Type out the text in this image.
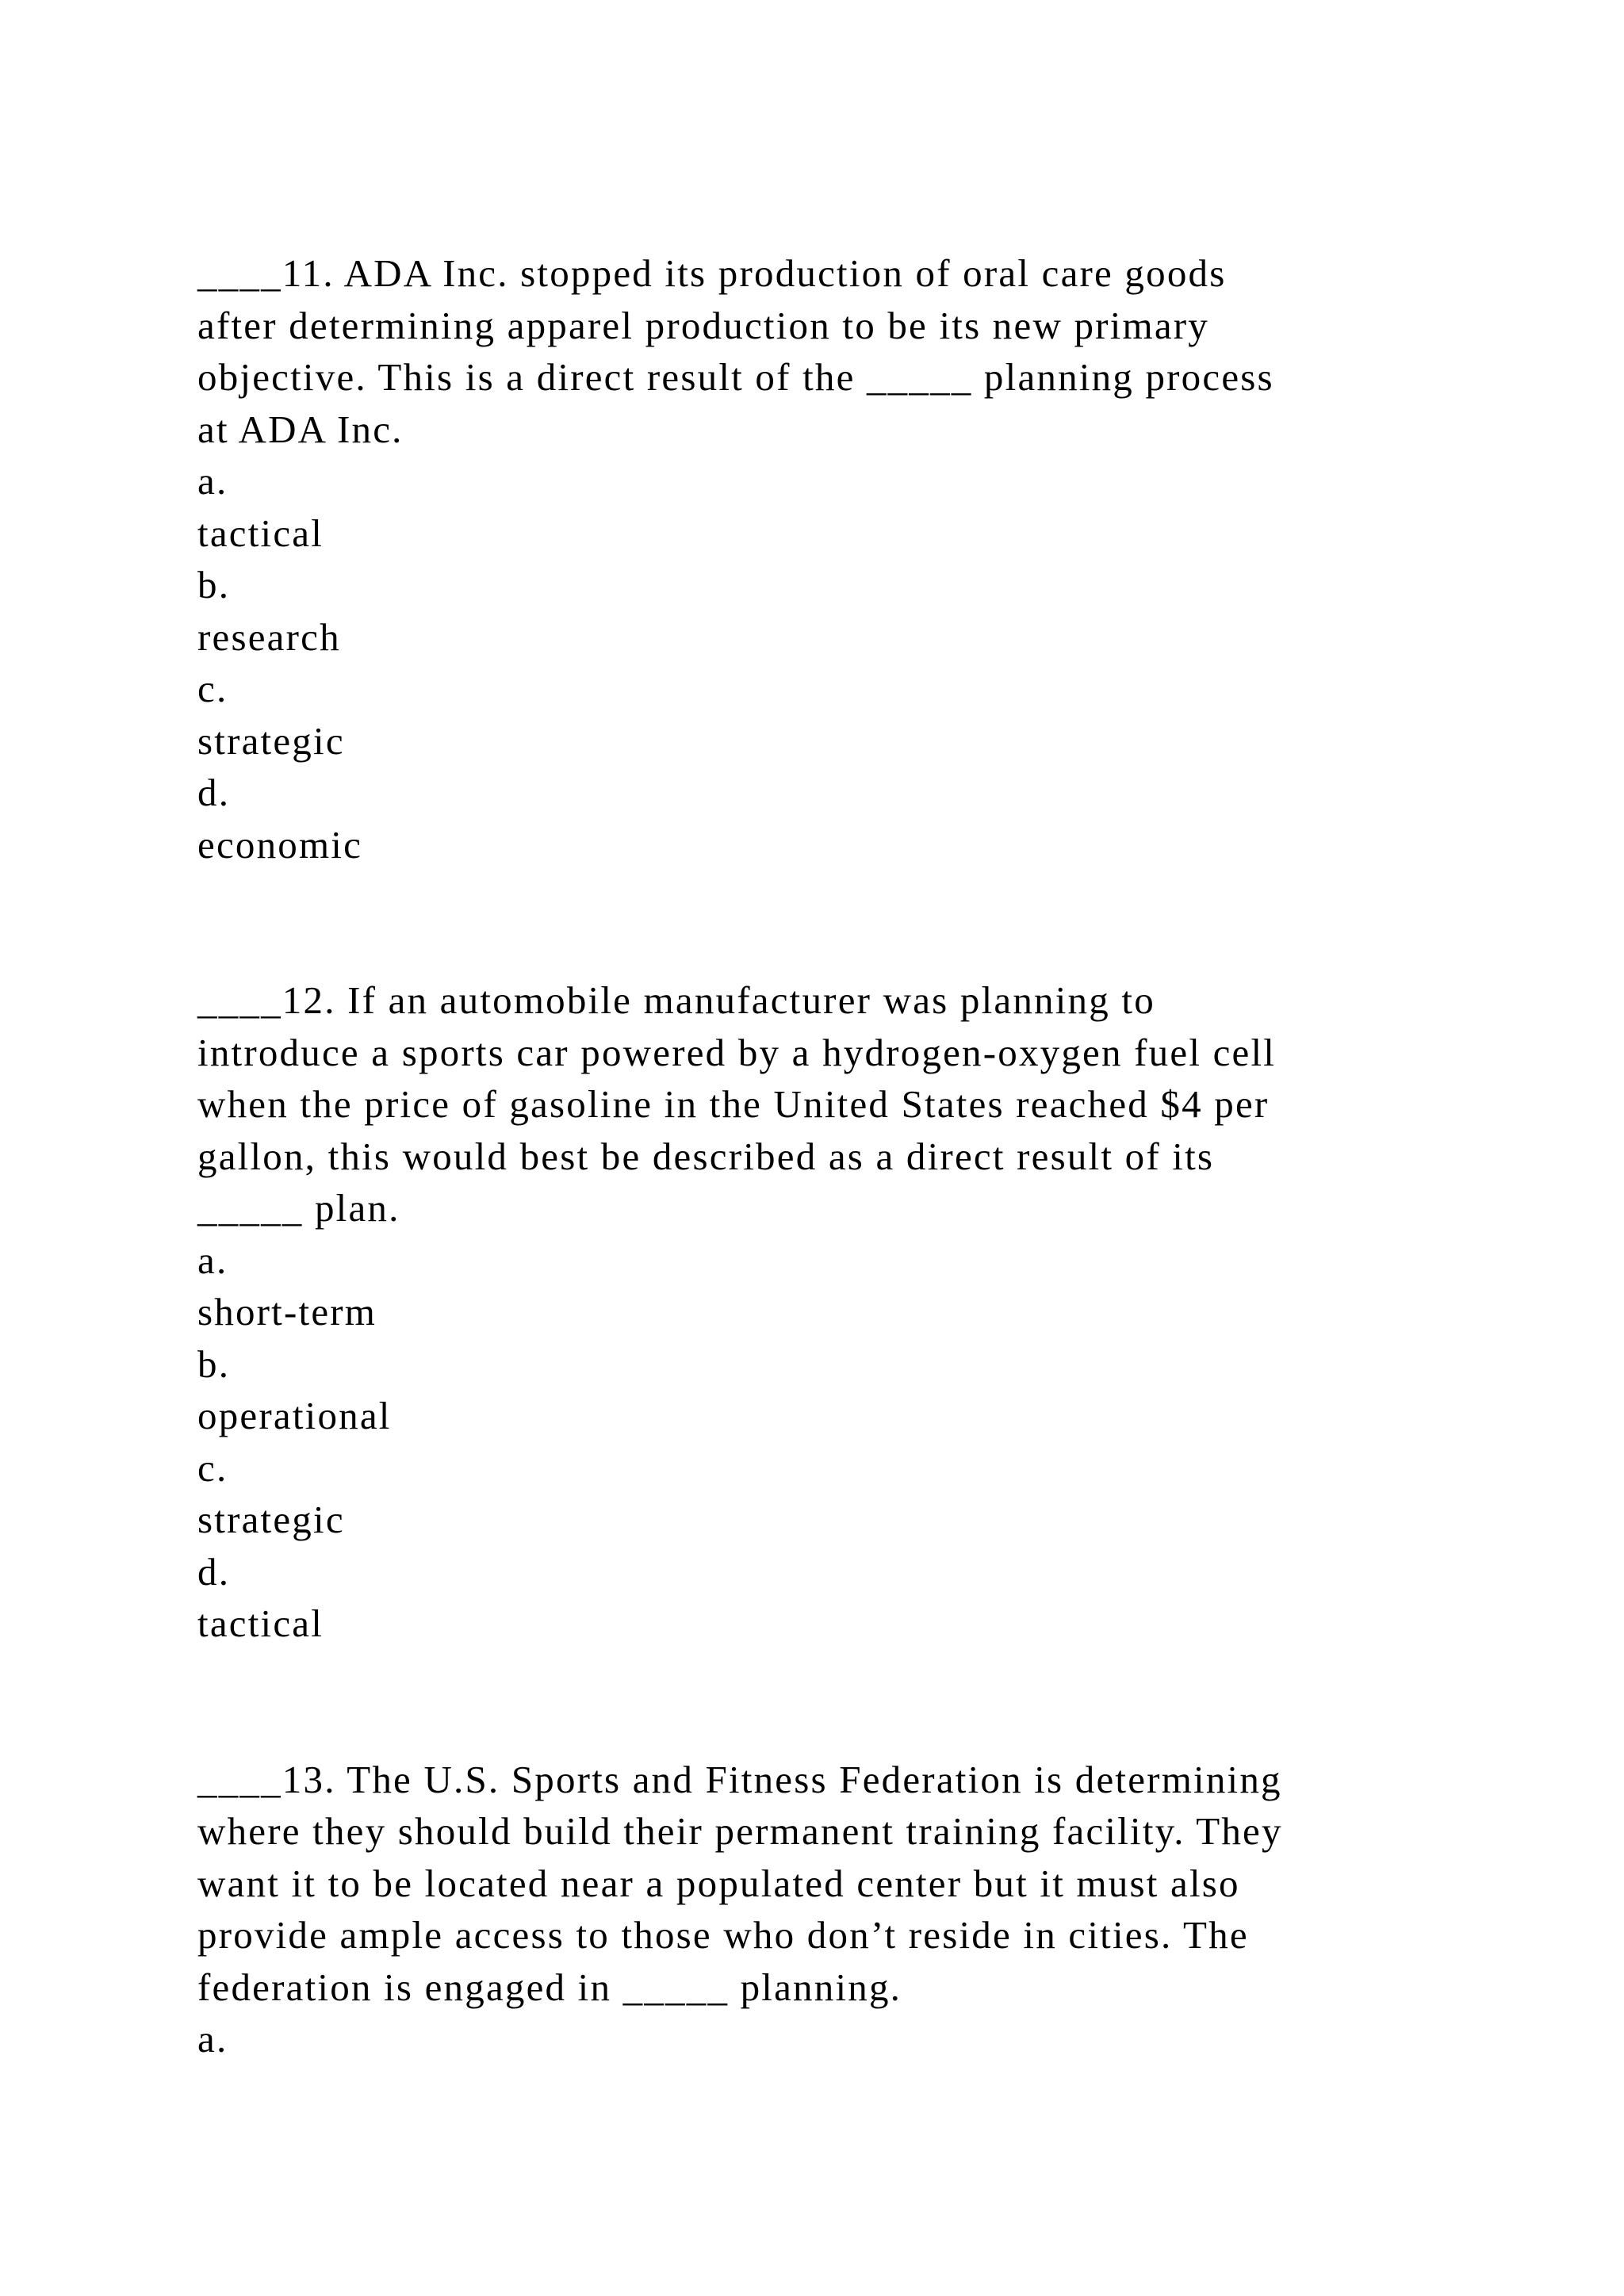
____11. ADA Inc. stopped its production of oral care goods

after determining apparel production to be its new primary

objective. This is a direct result of the _____ planning process

at ADA Inc.

a.

tactical

b.

research

c.

strategic

d.

economic

____12. If an automobile manufacturer was planning to

introduce a sports car powered by a hydrogen-oxygen fuel cell

when the price of gasoline in the United States reached $4 per

gallon, this would best be described as a direct result of its

_____ plan.

a.

short-term

b.

operational

c.

strategic

d.

tactical

____13. The U.S. Sports and Fitness Federation is determining

where they should build their permanent training facility. They

want it to be located near a populated center but it must also

provide ample access to those who don’t reside in cities. The

federation is engaged in _____ planning.

a.
